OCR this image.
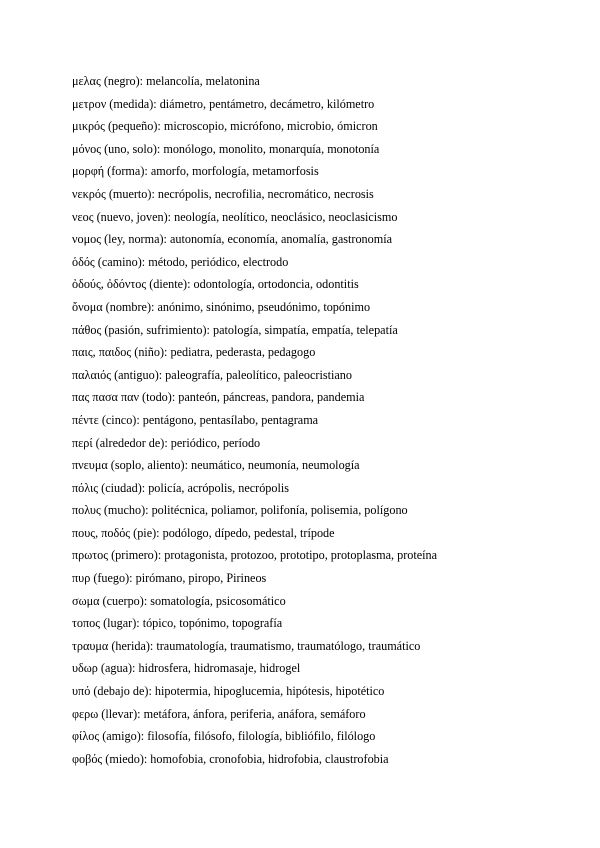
μελας (negro): melancolía, melatonina
μετρον (medida): diámetro, pentámetro, decámetro, kilómetro
μικρός (pequeño): microscopio, micrófono, microbio, ómicron
μόνος (uno, solo): monólogo, monolito, monarquía, monotonía
μορφή (forma): amorfo, morfología, metamorfosis
νεκρός (muerto): necrópolis, necrofilia, necromático, necrosis
νεος (nuevo, joven): neología, neolítico, neoclásico, neoclasicismo
νομος (ley, norma): autonomía, economía, anomalía, gastronomía
ὁδός (camino): método, periódico, electrodo
ὀδούς, ὀδόντος (diente): odontología, ortodoncia, odontitis
ὄνομα (nombre): anónimo, sinónimo, pseudónimo, topónimo
πάθος (pasión, sufrimiento): patología, simpatía, empatía, telepatía
παις, παιδος (niño): pediatra, pederasta, pedagogo
παλαιός (antiguo): paleografía, paleolítico, paleocristiano
πας πασα παν (todo): panteón, páncreas, pandora, pandemia
πέντε (cinco): pentágono, pentasílabo, pentagrama
περί (alrededor de): periódico, período
πνευμα (soplo, aliento): neumático, neumonía, neumología
πόλις (ciudad): policía, acrópolis, necrópolis
πολυς (mucho): politécnica, poliamor, polifonía, polisemia, polígono
πους, ποδός (pie): podólogo, dípedo, pedestal, trípode
πρωτος (primero): protagonista, protozoo, prototipo, protoplasma, proteína
πυρ (fuego): pirómano, piropo, Pirineos
σωμα (cuerpo): somatología, psicosomático
τοπος (lugar): tópico, topónimo, topografía
τραυμα (herida): traumatología, traumatismo, traumatólogo, traumático
υδωρ (agua): hidrosfera, hidromasaje, hidrogel
υπό (debajo de): hipotermia, hipoglucemia, hipótesis, hipotético
φερω (llevar): metáfora, ánfora, periferia, anáfora, semáforo
φίλος (amigo): filosofía, filósofo, filología, bibliófilo, filólogo
φοβός (miedo): homofobia, cronofobia, hidrofobia, claustrofobia
